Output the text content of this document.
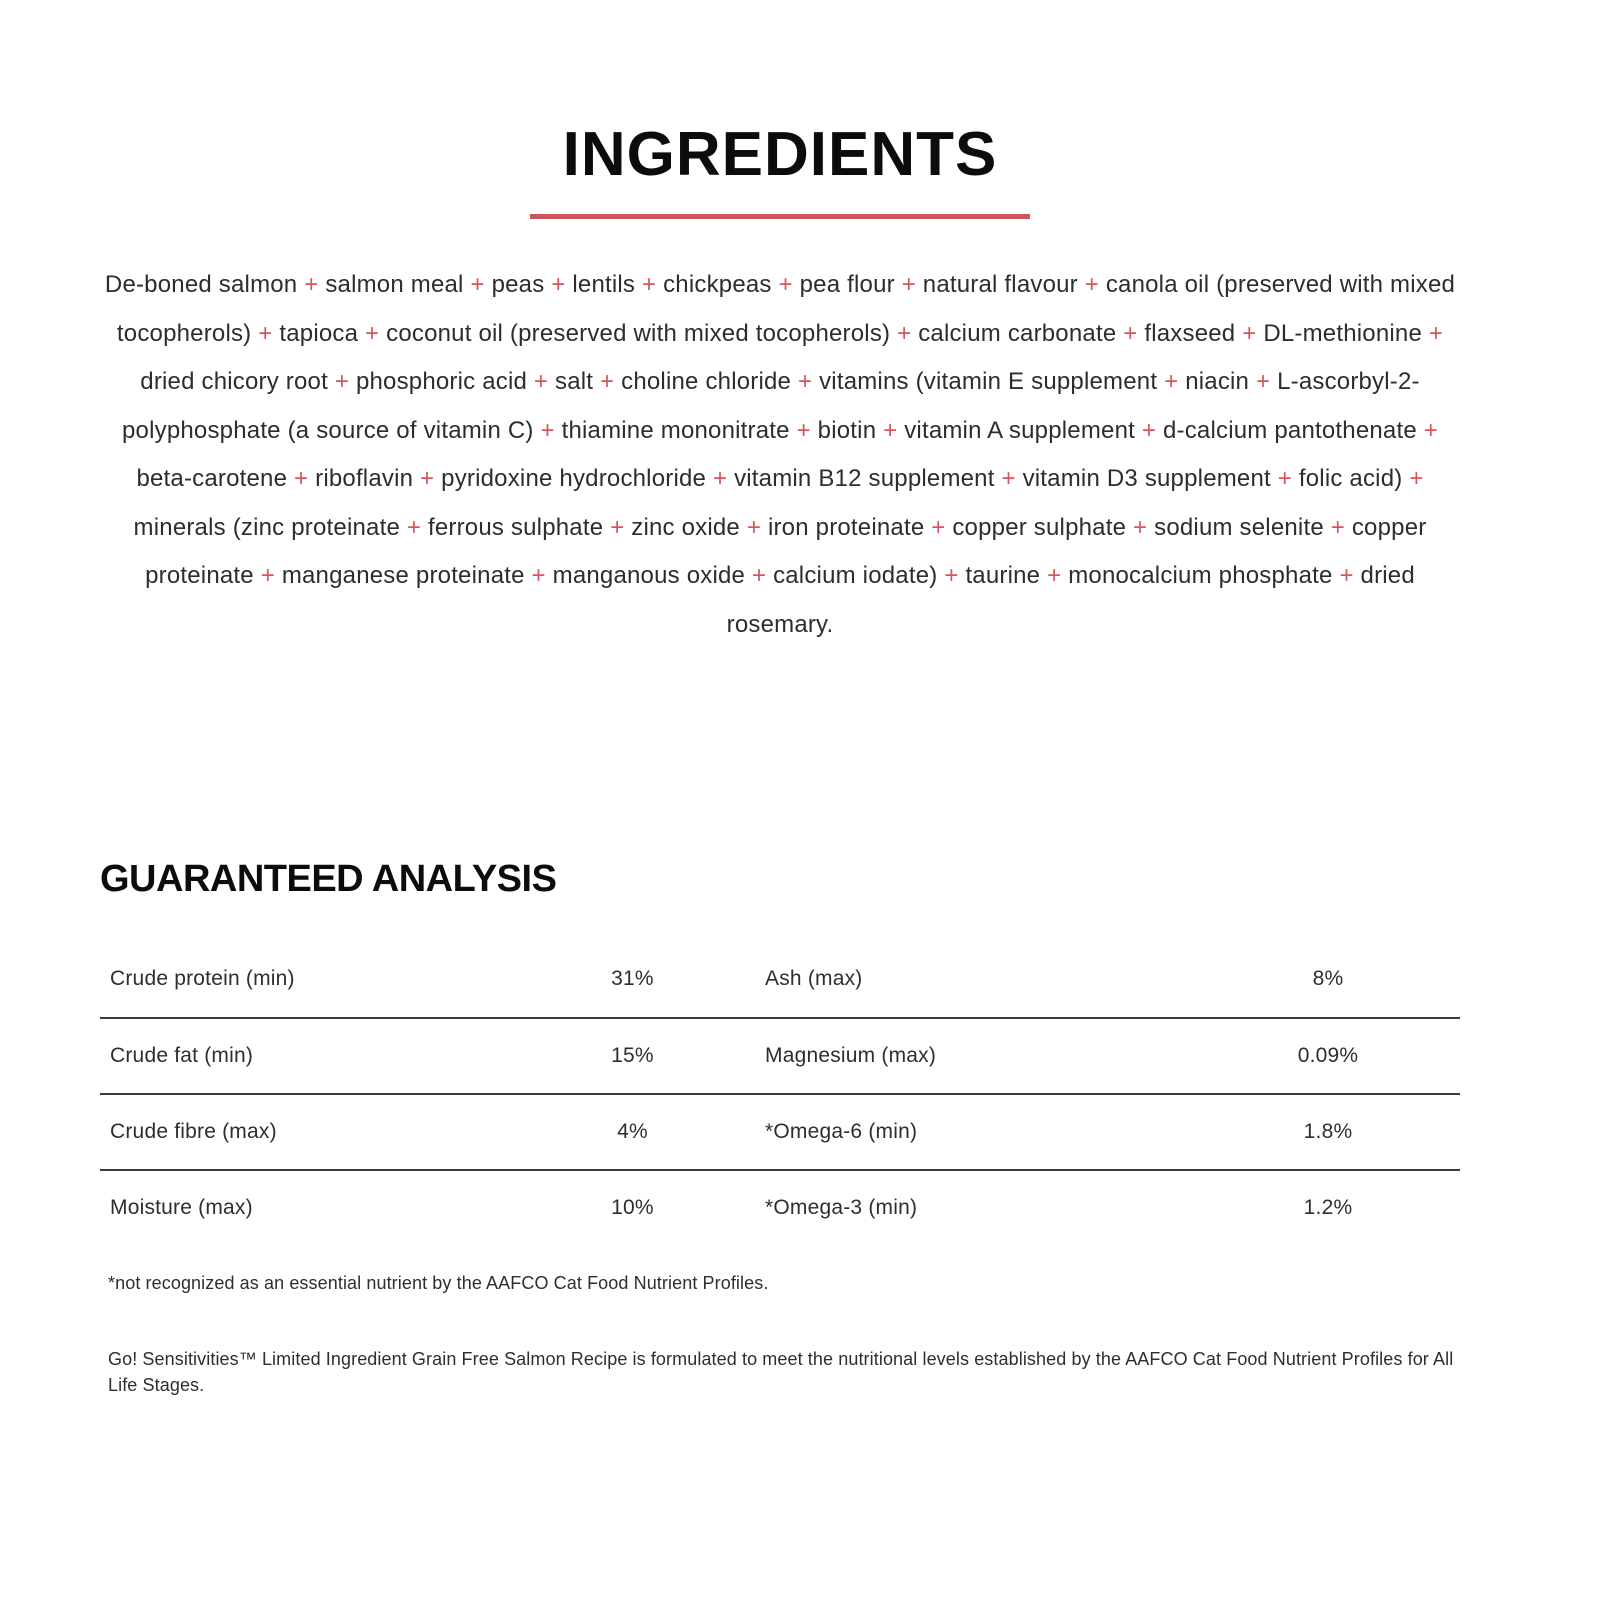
INGREDIENTS

De-boned salmon + salmon meal + peas + lentils + chickpeas + pea flour + natural flavour + canola oil (preserved with mixed tocopherols) + tapioca + coconut oil (preserved with mixed tocopherols) + calcium carbonate + flaxseed + DL-methionine + dried chicory root + phosphoric acid + salt + choline chloride + vitamins (vitamin E supplement + niacin + L-ascorbyl-2-polyphosphate (a source of vitamin C) + thiamine mononitrate + biotin + vitamin A supplement + d-calcium pantothenate + beta-carotene + riboflavin + pyridoxine hydrochloride + vitamin B12 supplement + vitamin D3 supplement + folic acid) + minerals (zinc proteinate + ferrous sulphate + zinc oxide + iron proteinate + copper sulphate + sodium selenite + copper proteinate + manganese proteinate + manganous oxide + calcium iodate) + taurine + monocalcium phosphate + dried rosemary.

GUARANTEED ANALYSIS
Crude protein (min)	31%	Ash (max)	8%
Crude fat (min)	15%	Magnesium (max)	0.09%
Crude fibre (max)	4%	*Omega-6 (min)	1.8%
Moisture (max)	10%	*Omega-3 (min)	1.2%

*not recognized as an essential nutrient by the AAFCO Cat Food Nutrient Profiles.

Go! Sensitivities™ Limited Ingredient Grain Free Salmon Recipe is formulated to meet the nutritional levels established by the AAFCO Cat Food Nutrient Profiles for All Life Stages.
